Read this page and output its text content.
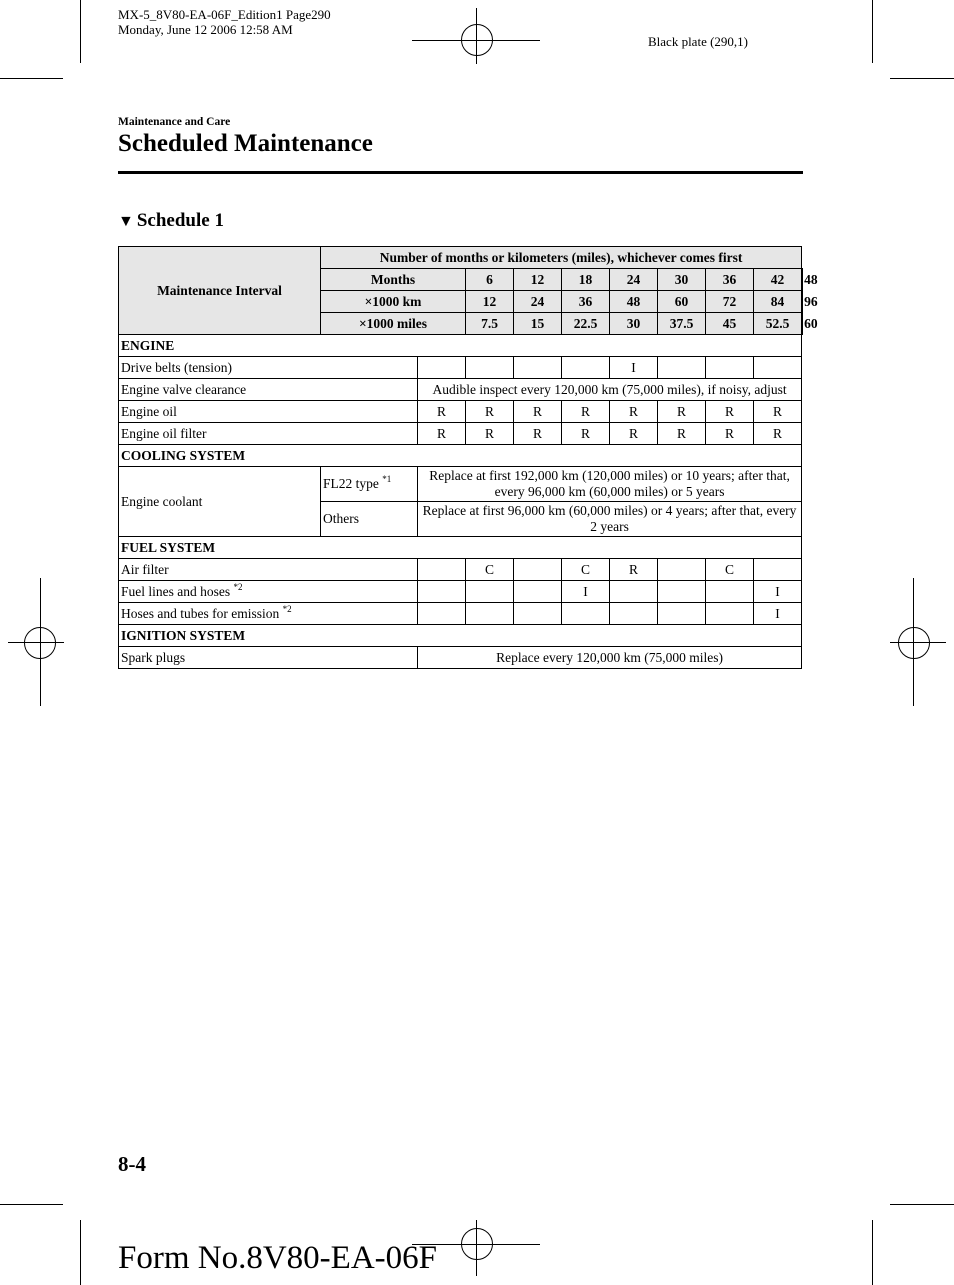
MX-5_8V80-EA-06F_Edition1 Page290
Monday, June 12 2006 12:58 AM
Black plate (290,1)
Maintenance and Care
Scheduled Maintenance
▼ Schedule 1
Maintenance Interval	Number of months or kilometers (miles), whichever comes first									
	Months		6	12	18	24	30	36	42	48
	×1000 km		12	24	36	48	60	72	84	96
	×1000 miles		7.5	15	22.5	30	37.5	45	52.5	60
ENGINE										
Drive belts (tension)						I				
Engine valve clearance		Audible inspect every 120,000 km (75,000 miles), if noisy, adjust								
Engine oil		R	R	R	R	R	R	R	R	
Engine oil filter		R	R	R	R	R	R	R	R	
COOLING SYSTEM										
Engine coolant	FL22 type $^{*1}$	Replace at first 192,000 km (120,000 miles) or 10 years; after that, every 96,000 km (60,000 miles) or 5 years								
	Others	Replace at first 96,000 km (60,000 miles) or 4 years; after that, every 2 years								
FUEL SYSTEM										
Air filter			C		C	R		C		
Fuel lines and hoses $^{*2}$					I				I	
Hoses and tubes for emission $^{*2}$									I	
IGNITION SYSTEM										
Spark plugs		Replace every 120,000 km (75,000 miles)								
8-4
Form No.8V80-EA-06F
